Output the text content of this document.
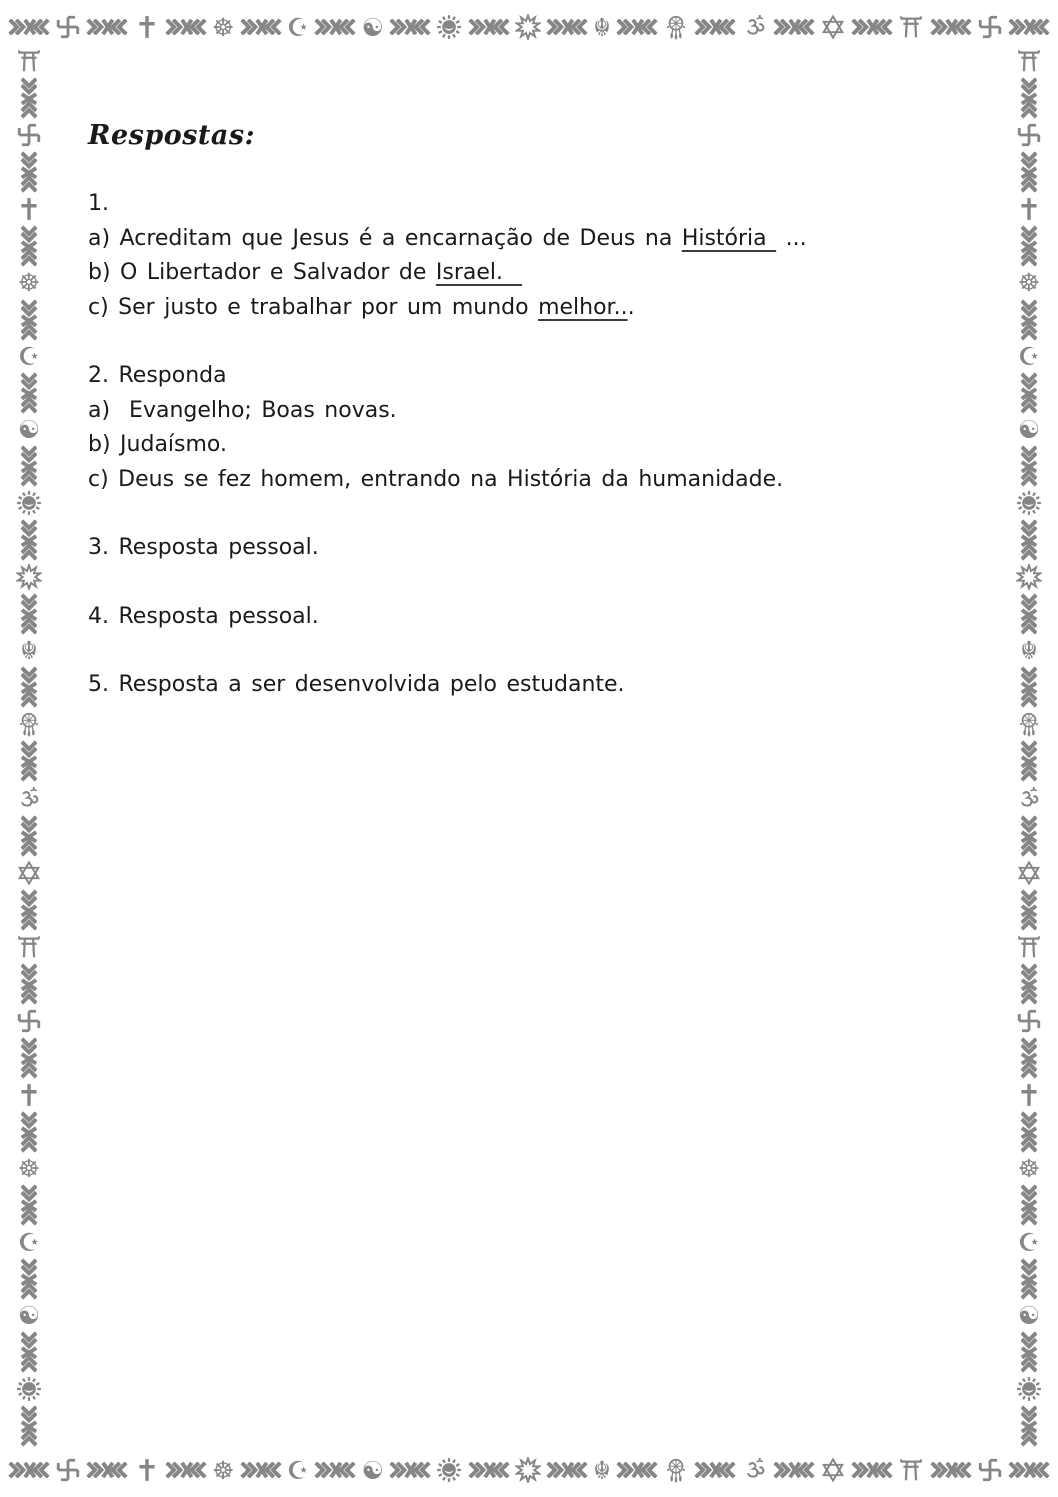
☸ ☪ ☯	☬
☸ ☪ ☯	☬
☸
☪
☯
☬
☸
☪
☯
☸
☪
☯
☬
☸
☪
☯
Respostas:
1.
a) Acreditam que Jesus é a encarnação de Deus na História  ...
b) O Libertador e Salvador de Israel.
c) Ser justo e trabalhar por um mundo melhor...
2. Responda
a)  Evangelho; Boas novas.
b) Judaísmo.
c) Deus se fez homem, entrando na História da humanidade.
3. Resposta pessoal.
4. Resposta pessoal.
5. Resposta a ser desenvolvida pelo estudante.
